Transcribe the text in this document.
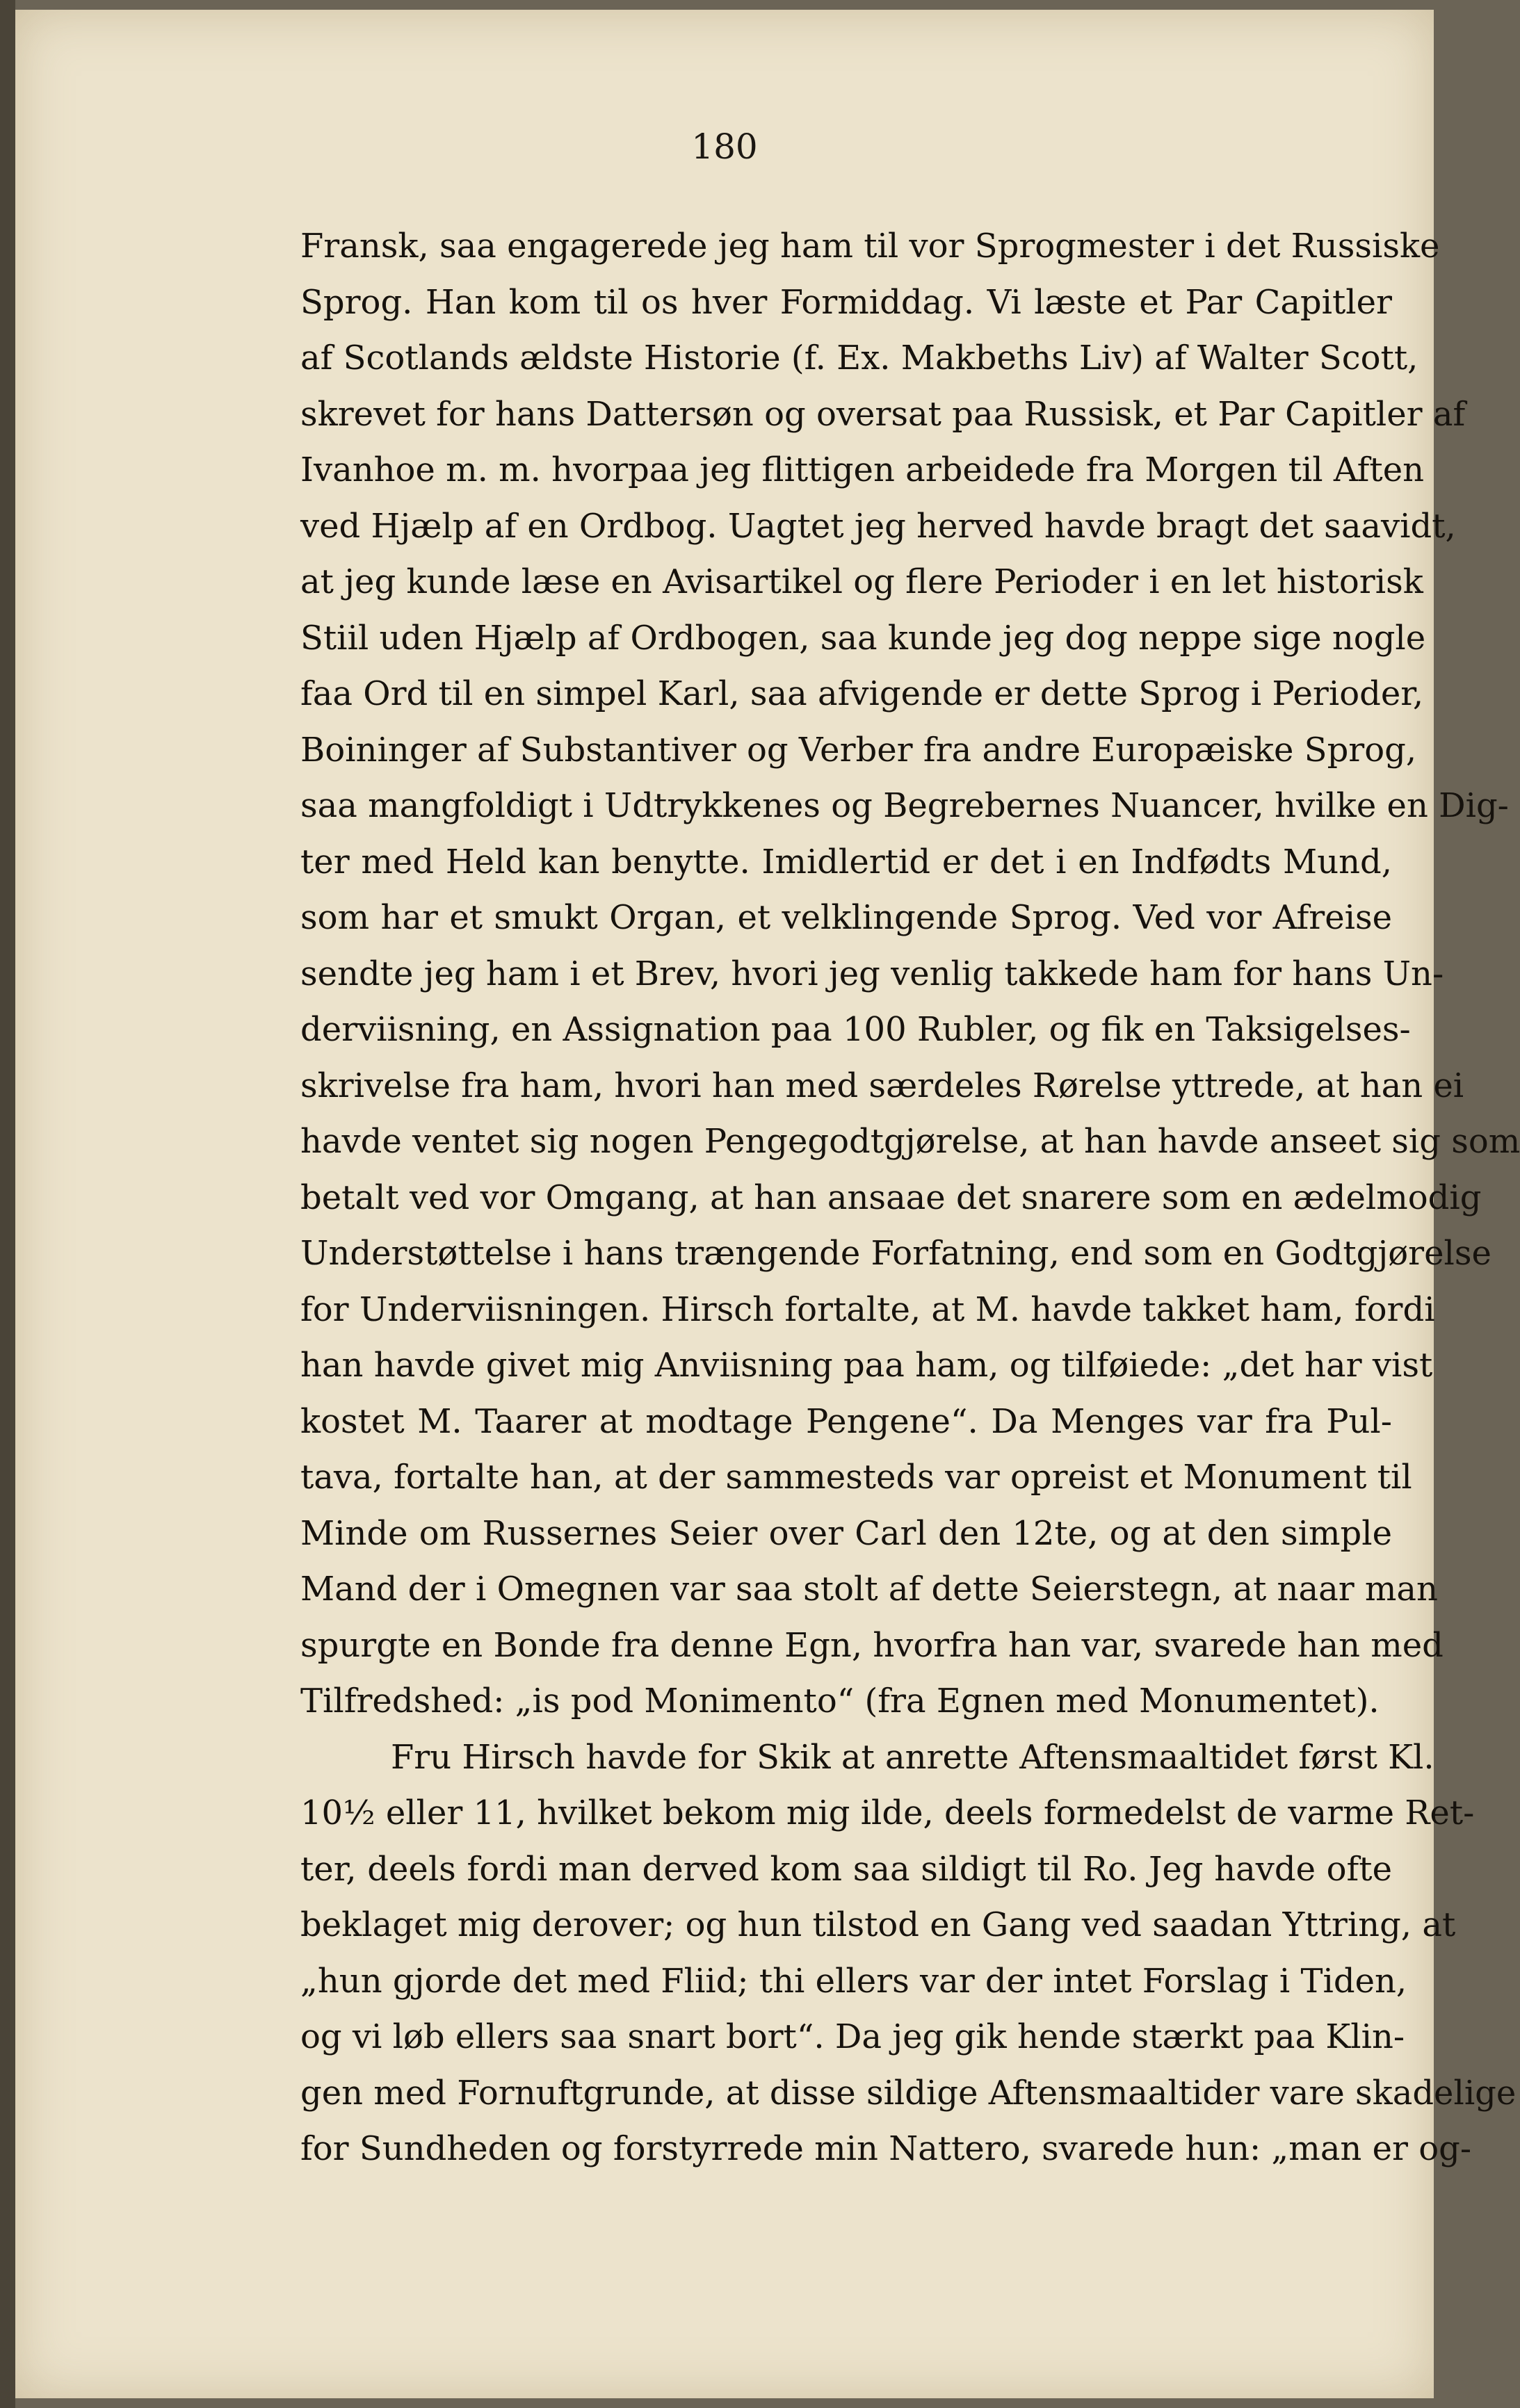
180
Fransk, saa engagerede jeg ham til vor Sprogmester i det Russiske
Sprog. Han kom til os hver Formiddag. Vi læste et Par Capitler
af Scotlands ældste Historie (f. Ex. Makbeths Liv) af Walter Scott,
skrevet for hans Dattersøn og oversat paa Russisk, et Par Capitler af
Ivanhoe m. m. hvorpaa jeg flittigen arbeidede fra Morgen til Aften
ved Hjælp af en Ordbog. Uagtet jeg herved havde bragt det saavidt,
at jeg kunde læse en Avisartikel og flere Perioder i en let historisk
Stiil uden Hjælp af Ordbogen, saa kunde jeg dog neppe sige nogle
faa Ord til en simpel Karl, saa afvigende er dette Sprog i Perioder,
Boininger af Substantiver og Verber fra andre Europæiske Sprog,
saa mangfoldigt i Udtrykkenes og Begrebernes Nuancer, hvilke en Dig-
ter med Held kan benytte. Imidlertid er det i en Indfødts Mund,
som har et smukt Organ, et velklingende Sprog. Ved vor Afreise
sendte jeg ham i et Brev, hvori jeg venlig takkede ham for hans Un-
derviisning, en Assignation paa 100 Rubler, og fik en Taksigelses-
skrivelse fra ham, hvori han med særdeles Rørelse yttrede, at han ei
havde ventet sig nogen Pengegodtgjørelse, at han havde anseet sig som
betalt ved vor Omgang, at han ansaae det snarere som en ædelmodig
Understøttelse i hans trængende Forfatning, end som en Godtgjørelse
for Underviisningen. Hirsch fortalte, at M. havde takket ham, fordi
han havde givet mig Anviisning paa ham, og tilføiede: „det har vist
kostet M. Taarer at modtage Pengene“. Da Menges var fra Pul-
tava, fortalte han, at der sammesteds var opreist et Monument til
Minde om Russernes Seier over Carl den 12te, og at den simple
Mand der i Omegnen var saa stolt af dette Seierstegn, at naar man
spurgte en Bonde fra denne Egn, hvorfra han var, svarede han med
Tilfredshed: „is pod Monimento“ (fra Egnen med Monumentet).
Fru Hirsch havde for Skik at anrette Aftensmaaltidet først Kl.
10½ eller 11, hvilket bekom mig ilde, deels formedelst de varme Ret-
ter, deels fordi man derved kom saa sildigt til Ro. Jeg havde ofte
beklaget mig derover; og hun tilstod en Gang ved saadan Yttring, at
„hun gjorde det med Fliid; thi ellers var der intet Forslag i Tiden,
og vi løb ellers saa snart bort“. Da jeg gik hende stærkt paa Klin-
gen med Fornuftgrunde, at disse sildige Aftensmaaltider vare skadelige
for Sundheden og forstyrrede min Nattero, svarede hun: „man er og-
